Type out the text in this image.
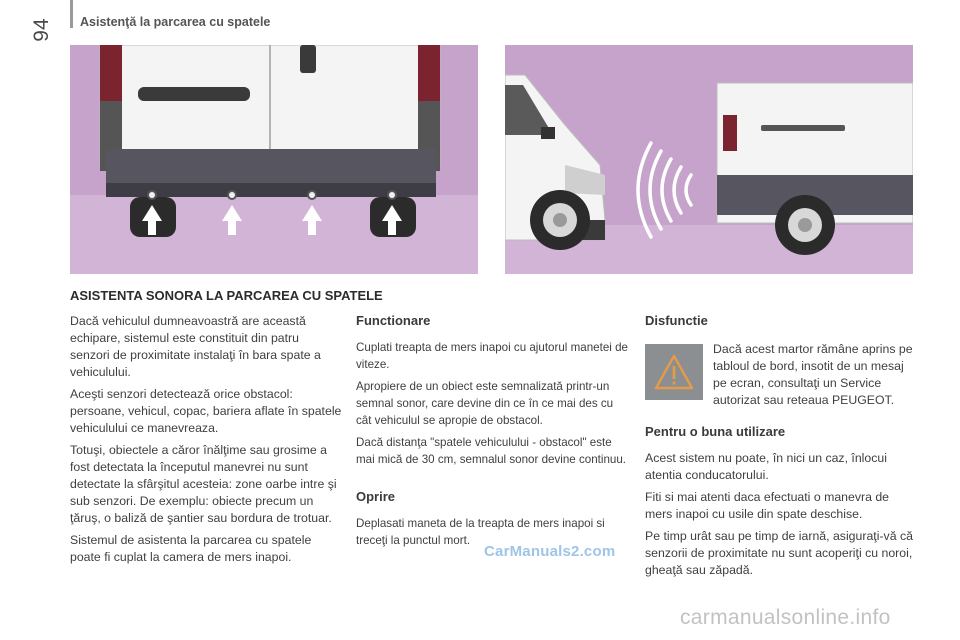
94	Asistenţă la parcarea cu spatele
ASISTENTA SONORA LA PARCAREA CU SPATELE

Dacă vehiculul dumneavoastră are această echipare, sistemul este constituit din patru senzori de proximitate instalaţi în bara spate a vehiculului.

Aceşti senzori detectează orice obstacol: persoane, vehicul, copac, bariera aflate în spatele vehiculului ce manevreaza.

Totuşi, obiectele a căror înălţime sau grosime a fost detectata la începutul manevrei nu sunt detectate la sfârşitul acesteia: zone oarbe intre şi sub senzori. De exemplu: obiecte precum un ţăruş, o baliză de şantier sau bordura de trotuar.

Sistemul de asistenta la parcarea cu spatele poate fi cuplat la camera de mers inapoi.

Functionare

Cuplati treapta de mers inapoi cu ajutorul manetei de viteze.

Apropiere de un obiect este semnalizată printr-un semnal sonor, care devine din ce în ce mai des cu cât vehiculul se apropie de obstacol.

Dacă distanţa "spatele vehiculului - obstacol" este mai mică de 30 cm, semnalul sonor devine continuu.

Oprire

Deplasati maneta de la treapta de mers inapoi si treceţi la punctul mort.

Disfunctie
Dacă acest martor rămâne aprins pe tabloul de bord, insotit de un mesaj pe ecran, consultaţi un Service autorizat sau reteaua PEUGEOT.
Pentru o buna utilizare

Acest sistem nu poate, în nici un caz, înlocui atentia conducatorului.

Fiti si mai atenti daca efectuati o manevra de mers inapoi cu usile din spate deschise.

Pe timp urât sau pe timp de iarnă, asiguraţi-vă că senzorii de proximitate nu sunt acoperiţi cu noroi, gheaţă sau zăpadă.

CarManuals2.com
carmanualsonline.info
